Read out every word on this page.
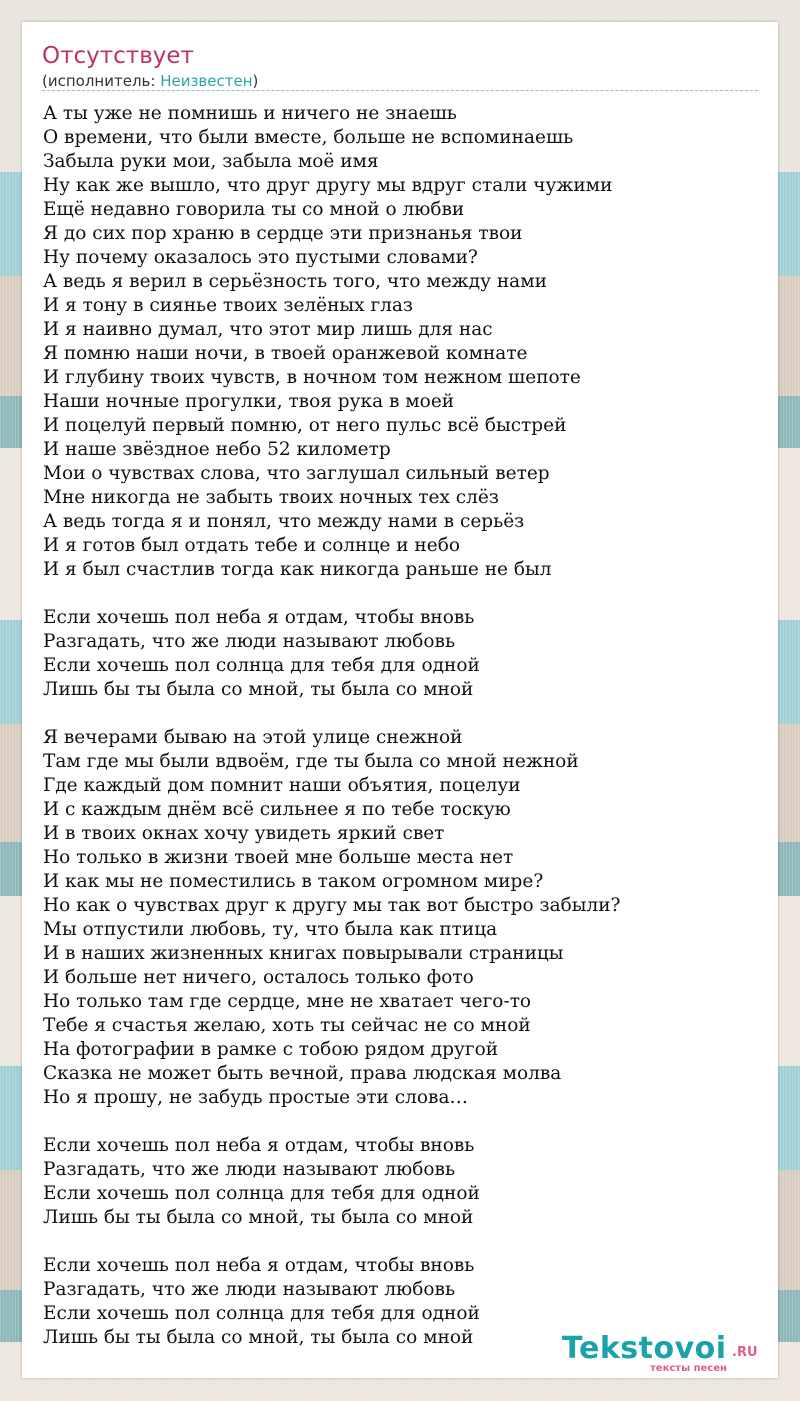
Отсутствует
(исполнитель: Неизвестен)
А ты уже не помнишь и ничего не знаешь
О времени, что были вместе, больше не вспоминаешь
Забыла руки мои, забыла моё имя
Ну как же вышло, что друг другу мы вдруг стали чужими
Ещё недавно говорила ты со мной о любви
Я до сих пор храню в сердце эти признанья твои
Ну почему оказалось это пустыми словами?
А ведь я верил в серьёзность того, что между нами
И я тону в сиянье твоих зелёных глаз
И я наивно думал, что этот мир лишь для нас
Я помню наши ночи, в твоей оранжевой комнате
И глубину твоих чувств, в ночном том нежном шепоте
Наши ночные прогулки, твоя рука в моей
И поцелуй первый помню, от него пульс всё быстрей
И наше звёздное небо 52 километр
Мои о чувствах слова, что заглушал сильный ветер
Мне никогда не забыть твоих ночных тех слёз
А ведь тогда я и понял, что между нами в серьёз
И я готов был отдать тебе и солнце и небо
И я был счастлив тогда как никогда раньше не был
Если хочешь пол неба я отдам, чтобы вновь
Разгадать, что же люди называют любовь
Если хочешь пол солнца для тебя для одной
Лишь бы ты была со мной, ты была со мной
Я вечерами бываю на этой улице снежной
Там где мы были вдвоём, где ты была со мной нежной
Где каждый дом помнит наши объятия, поцелуи
И с каждым днём всё сильнее я по тебе тоскую
И в твоих окнах хочу увидеть яркий свет
Но только в жизни твоей мне больше места нет
И как мы не поместились в таком огромном мире?
Но как о чувствах друг к другу мы так вот быстро забыли?
Мы отпустили любовь, ту, что была как птица
И в наших жизненных книгах повырывали страницы
И больше нет ничего, осталось только фото
Но только там где сердце, мне не хватает чего-то
Тебе я счастья желаю, хоть ты сейчас не со мной
На фотографии в рамке с тобою рядом другой
Сказка не может быть вечной, права людская молва
Но я прошу, не забудь простые эти слова…
Если хочешь пол неба я отдам, чтобы вновь
Разгадать, что же люди называют любовь
Если хочешь пол солнца для тебя для одной
Лишь бы ты была со мной, ты была со мной
Если хочешь пол неба я отдам, чтобы вновь
Разгадать, что же люди называют любовь
Если хочешь пол солнца для тебя для одной
Лишь бы ты была со мной, ты была со мной	Tekstovoi .RU
тексты песен
